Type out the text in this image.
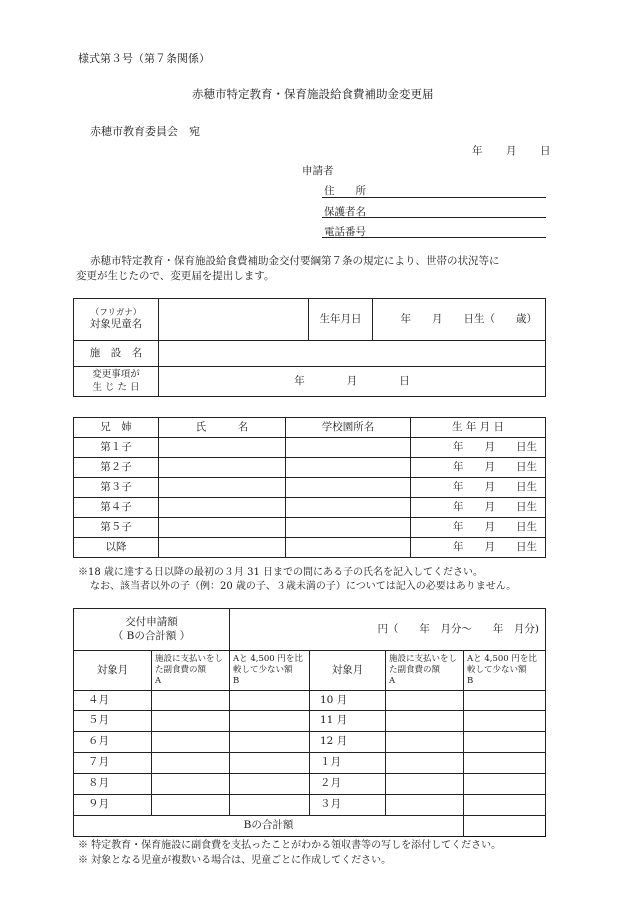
様式第３号（第７条関係）
赤穂市特定教育・保育施設給食費補助金変更届
赤穂市教育委員会　宛
年 月 日
申請者
住　　所
保護者名
電話番号
赤穂市特定教育・保育施設給食費補助金交付要綱第７条の規定により、世帯の状況等に
変更が生じたので、変更届を提出します。
（フリガナ）
対象児童名		生年月日	年　　月　　日生（　　歳）
施　設　名			

変更事項が
生 じ た 日	年　　　　月　　　　日		
兄　姉	氏　　　名	学校園所名	生 年 月 日
第１子			年　　月　　日生
第２子			年　　月　　日生
第３子			年　　月　　日生
第４子			年　　月　　日生
第５子			年　　月　　日生
以降			年　　月　　日生
※18 歳に達する日以降の最初の３月 31 日までの間にある子の氏名を記入してください。
なお、該当者以外の子（例：20 歳の子、３歳未満の子）については記入の必要はありません。
交付申請額
（ Bの合計額 ）		円（　　年　月分～　　年　月分)			
対象月	施設に支払いをした副食費の額　　A	Aと 4,500 円を比較して少ない額　　B	対象月	施設に支払いをした副食費の額　　A	Aと 4,500 円を比較して少ない額　　B
４月			10 月		
５月			11 月		
６月			12 月		
７月			１月		
８月			２月		
９月			３月		
Bの合計額					
※ 特定教育・保育施設に副食費を支払ったことがわかる領収書等の写しを添付してください。
※ 対象となる児童が複数いる場合は、児童ごとに作成してください。
